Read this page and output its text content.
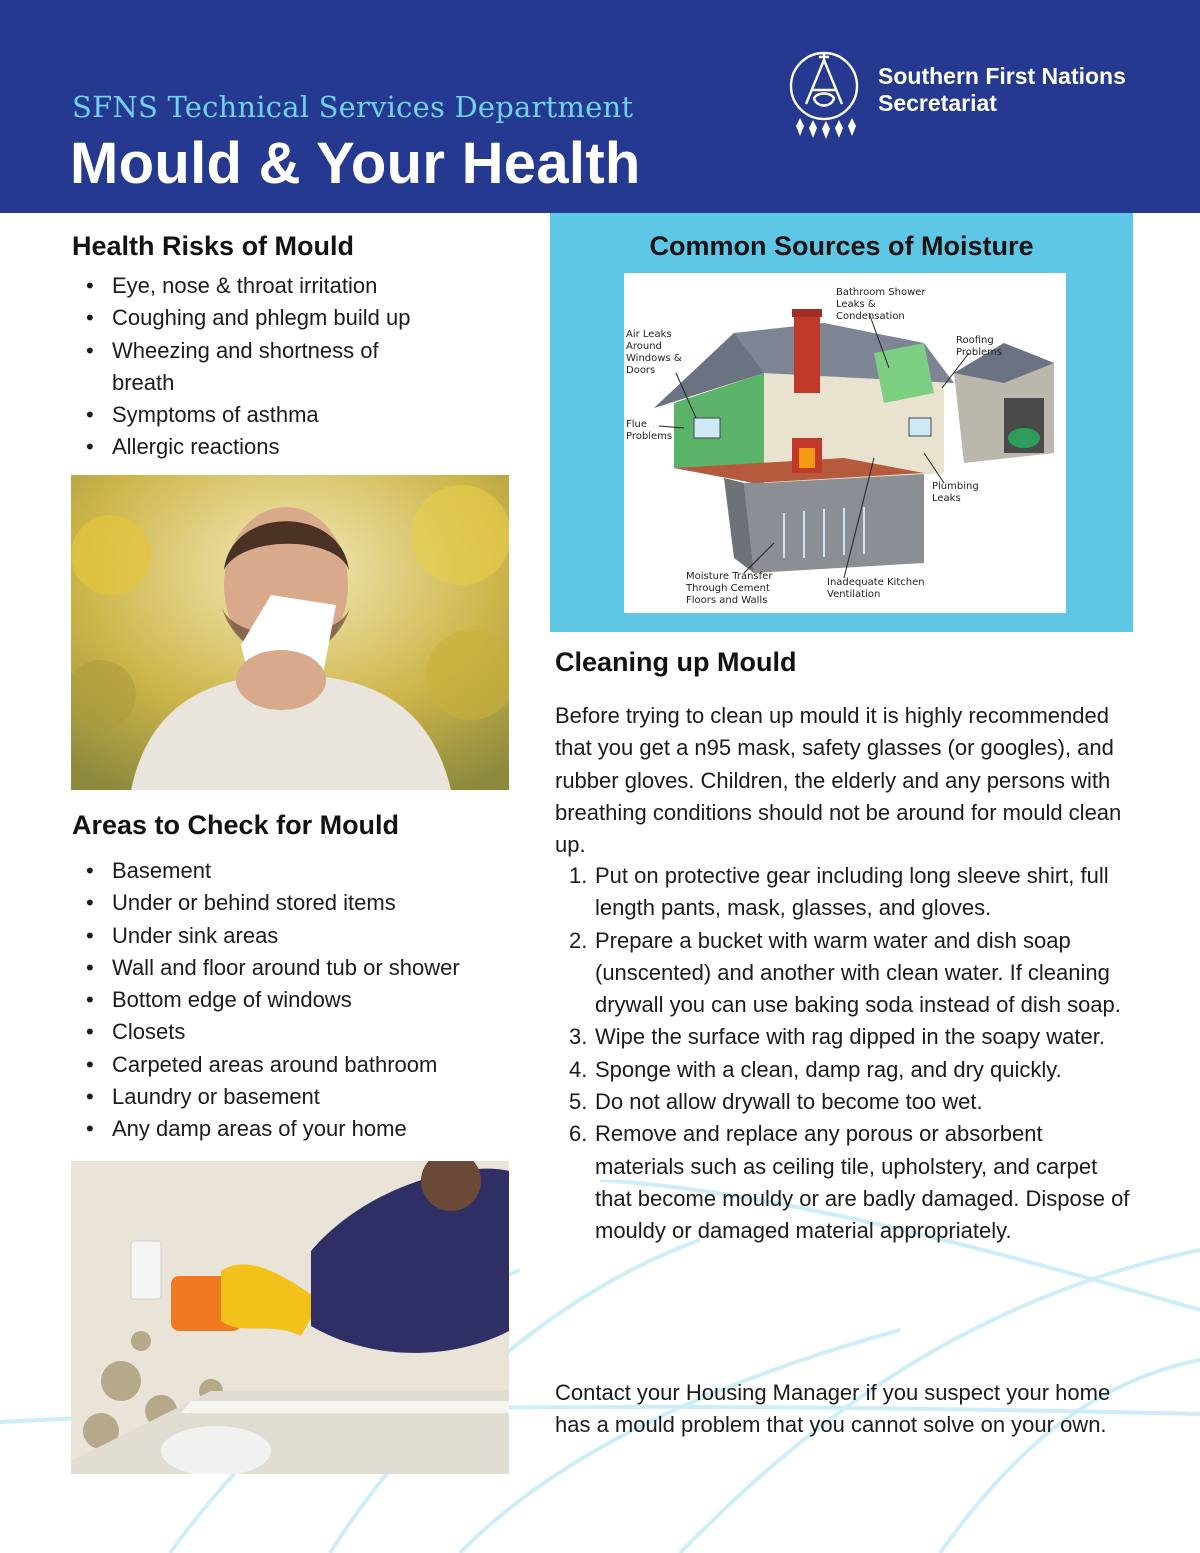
SFNS Technical Services Department
Mould & Your Health
Southern First Nations
Secretariat
Health Risks of Mould
• Eye, nose & throat irritation
• Coughing and phlegm build up
• Wheezing and shortness of breath
• Symptoms of asthma
• Allergic reactions
Areas to Check for Mould
• Basement
• Under or behind stored items
• Under sink areas
• Wall and floor around tub or shower
• Bottom edge of windows
• Closets
• Carpeted areas around bathroom
• Laundry or basement
• Any damp areas of your home
Common Sources of Moisture
Bathroom Shower Leaks & Condensation
Air Leaks Around Windows & Doors
Roofing Problems
Flue Problems
Plumbing Leaks
Moisture Transfer Through Cement Floors and Walls
Inadequate Kitchen Ventilation
Cleaning up Mould
Before trying to clean up mould it is highly recommended that you get a n95 mask, safety glasses (or googles), and rubber gloves. Children, the elderly and any persons with breathing conditions should not be around for mould clean up.
1. Put on protective gear including long sleeve shirt, full length pants, mask, glasses, and gloves.
2. Prepare a bucket with warm water and dish soap (unscented) and another with clean water. If cleaning drywall you can use baking soda instead of dish soap.
3. Wipe the surface with rag dipped in the soapy water.
4. Sponge with a clean, damp rag, and dry quickly.
5. Do not allow drywall to become too wet.
6. Remove and replace any porous or absorbent materials such as ceiling tile, upholstery, and carpet that become mouldy or are badly damaged. Dispose of mouldy or damaged material appropriately.
Contact your Housing Manager if you suspect your home has a mould problem that you cannot solve on your own.
